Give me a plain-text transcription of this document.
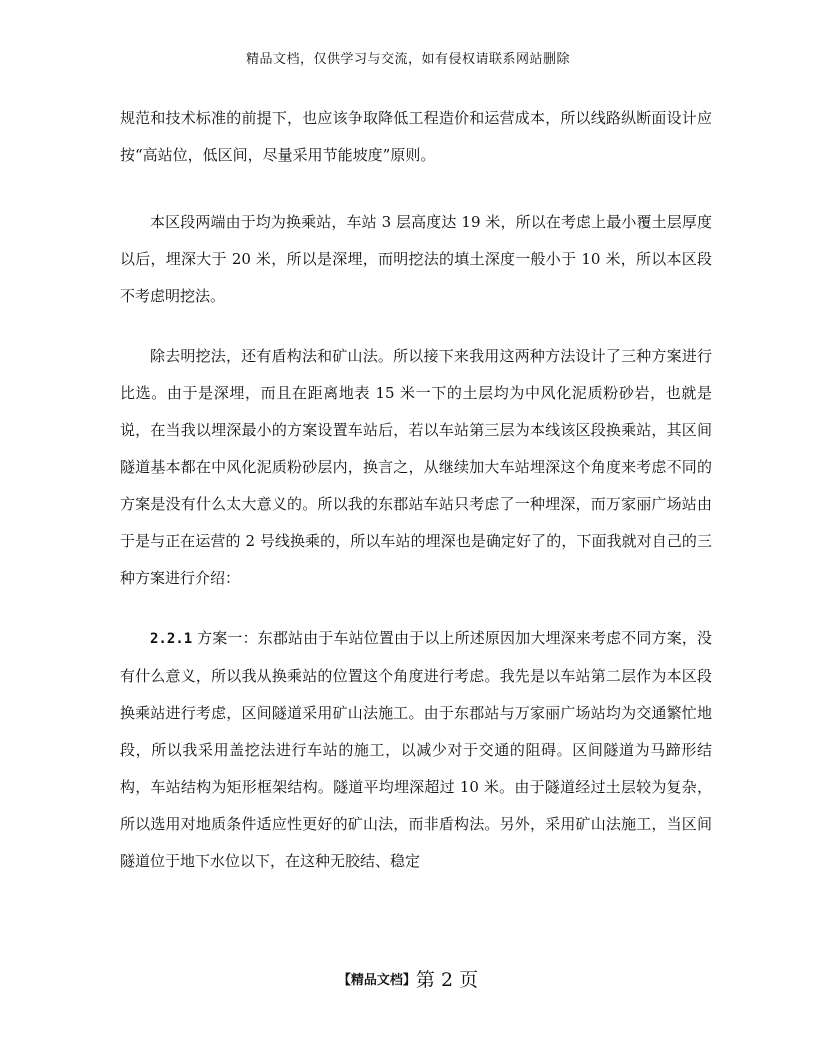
精品文档，仅供学习与交流，如有侵权请联系网站删除

规范和技术标准的前提下，也应该争取降低工程造价和运营成本，所以线路纵断面设计应按“高站位，低区间，尽量采用节能坡度”原则。

本区段两端由于均为换乘站，车站 3 层高度达 19 米，所以在考虑上最小覆土层厚度以后，埋深大于 20 米，所以是深埋，而明挖法的填土深度一般小于 10 米，所以本区段不考虑明挖法。

除去明挖法，还有盾构法和矿山法。所以接下来我用这两种方法设计了三种方案进行比选。由于是深埋，而且在距离地表 15 米一下的土层均为中风化泥质粉砂岩，也就是说，在当我以埋深最小的方案设置车站后，若以车站第三层为本线该区段换乘站，其区间隧道基本都在中风化泥质粉砂层内，换言之，从继续加大车站埋深这个角度来考虑不同的方案是没有什么太大意义的。所以我的东郡站车站只考虑了一种埋深，而万家丽广场站由于是与正在运营的 2 号线换乘的，所以车站的埋深也是确定好了的，下面我就对自己的三种方案进行介绍：

2.2.1 方案一：东郡站由于车站位置由于以上所述原因加大埋深来考虑不同方案，没有什么意义，所以我从换乘站的位置这个角度进行考虑。我先是以车站第二层作为本区段换乘站进行考虑，区间隧道采用矿山法施工。由于东郡站与万家丽广场站均为交通繁忙地段，所以我采用盖挖法进行车站的施工，以减少对于交通的阻碍。区间隧道为马蹄形结构，车站结构为矩形框架结构。隧道平均埋深超过 10 米。由于隧道经过土层较为复杂，所以选用对地质条件适应性更好的矿山法，而非盾构法。另外，采用矿山法施工，当区间隧道位于地下水位以下，在这种无胶结、稳定

【精品文档】第 2 页
